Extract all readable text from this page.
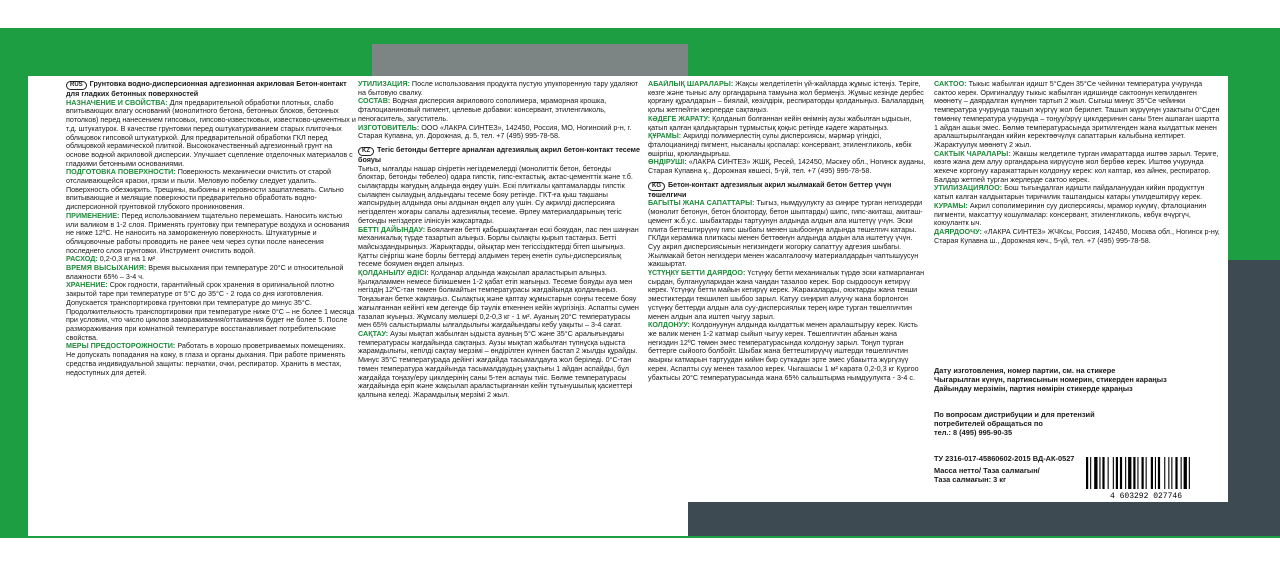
RUS Грунтовка водно-дисперсионная адгезионная акриловая Бетон-контакт для гладких бетонных поверхностей

НАЗНАЧЕНИЕ И СВОЙСТВА: Для предварительной обработки плотных, слабо впитывающих влагу оснований (монолитного бетона, бетонных блоков, бетонных потолков) перед нанесением гипсовых, гипсово-известковых, известково-цементных и т.д. штукатурок. В качестве грунтовки перед оштукатуриванием старых плиточных облицовок гипсовой штукатуркой. Для предварительной обработки ГКЛ перед облицовкой керамической плиткой. Высококачественный адгезионный грунт на основе водной акриловой дисперсии. Улучшает сцепление отделочных материалов с гладкими бетонными основаниями.

ПОДГОТОВКА ПОВЕРХНОСТИ: Поверхность механически очистить от старой отслаивающейся краски, грязи и пыли. Меловую побелку следует удалить. Поверхность обезжирить. Трещины, выбоины и неровности зашпатлевать. Сильно впитывающие и мелящие поверхности предварительно обработать водно-дисперсионной грунтовкой глубокого проникновения.

ПРИМЕНЕНИЕ: Перед использованием тщательно перемешать. Наносить кистью или валиком в 1-2 слоя. Применять грунтовку при температуре воздуха и основания не ниже 12ºС. Не наносить на замороженную поверхность. Штукатурные и облицовочные работы проводить не ранее чем через сутки после нанесения последнего слоя грунтовки. Инструмент очистить водой.

РАСХОД: 0,2-0,3 кг на 1 м²

ВРЕМЯ ВЫСЫХАНИЯ: Время высыхания при температуре 20°С и относительной влажности 65% – 3-4 ч.

ХРАНЕНИЕ: Срок годности, гарантийный срок хранения в оригинальной плотно закрытой таре при температуре от 5°С до 35°С - 2 года со дня изготовления. Допускается транспортировка грунтовки при температуре до минус 35°С. Продолжительность транспортировки при температуре ниже 0°С – не более 1 месяца при условии, что число циклов замораживания/оттаивания будет не более 5. После размораживания при комнатной температуре восстанавливает потребительские свойства.

МЕРЫ ПРЕДОСТОРОЖНОСТИ: Работать в хорошо проветриваемых помещениях. Не допускать попадания на кожу, в глаза и органы дыхания. При работе применять средства индивидуальной защиты: перчатки, очки, респиратор. Хранить в местах, недоступных для детей.

УТИЛИЗАЦИЯ: После использования продукта пустую упукпоренную тару удаляют на бытовую свалку.

СОСТАВ: Водная дисперсия акрилового сополимера, мраморная крошка, фталоцианиновый пигмент, целевые добавки: консервант, этиленгликоль, пеногаситель, загуститель.

ИЗГОТОВИТЕЛЬ: ООО «ЛАКРА СИНТЕЗ», 142450, Россия, МО, Ногинский р-н, г. Старая Купавна, ул. Дорожная, д. 5, тел. +7 (495) 995-78-58.

KZ Тегіс бетонды беттерге арналған адгезиялық акрил бетон-контакт тесеме бояуы

Тығыз, ылғалды нашар сіңіретін негіздемелерді (монолиттік бетон, бетонды блоктар, бетонды төбелео) одара гипстік, гипс-ектастық, актас-цементтік және т.б. сылақтарды жағудың алдында өңдеу үшін. Ескі плиткалы қаптамаларды гипстік сылақпен сылаудың алдындағы тесеме бояу ретінде. ГКТ-ға қыш тақшаны жапсырудың алдында оны алдынан өңдеп алу үшін. Су акрилді дисперсияға негізделген жоғары сапалы адгезиялық тесеме. Әрлеу материалдарының тегіс бетонды негіздерге ілінісуін жақсартады.

БЕТТІ ДАЙЫНДАУ: Бояланған бетті қабыршақтанған ескі бояудан, лас пен шаңнан механикалық түрде тазартып алыңыз. Борлы сылақты қырып тастаңыз. Бетті майсыздандырыңыз. Жарықтарды, ойықтар мен тегіссіздіктерді бітеп шығыңыз. Қатты сіңіргіш және борлы беттерді алдымен терең енетін сулы-дисперсиялық тесеме бояумен өңдеп алыңыз.

ҚОЛДАНЫЛУ ӘДІСІ: Қолданар алдында жақсылап араластырып алыңыз. Қылқаламмен немесе білікшемен 1-2 қабат етіп жағыңыз. Тесеме бояуды ауа мен негіздің 12ºС-тан төмен болмайтын температурасы жағдайында қолданыңыз. Тоңазыған бетке жақпаңыз. Сылақтық және қаптау жұмыстарын соңғы тесеме бояу жағылғаннан кейінгі кем дегенде бір тәулік өткеннен кейін жүргізіңіз. Аспапты сумен тазалап жуыңыз. Жұмсалу мөлшері 0,2-0,3 кг - 1 м². Ауаның 20°С температурасы мен 65% салыстырмалы ылғалдылығы жағдайындағы кебу уақыты – 3-4 сағат.

САҚТАУ: Аузы мықтап жабылған ыдыста ауаның 5°С және 35°С аралығындағы температурасы жағдайында сақтаңыз. Аузы мықтап жабылған түпнұсқа ыдыста жарамдылығы, кепілді сақтау мерзімі – өндірілген күннен бастап 2 жылды құрайды. Минус 35°С температурада дейінгі жағдайда тасымалдауға жол беріледі. 0°С-тан төмен температура жағдайында тасымалдаудың ұзақтығы 1 айдан аспайды, бұл жағдайда тоңазу/еру циклдерінің саны 5-тен аспауы тиіс. Бөлме температурасы жағдайында еріп және жақсылап араластырғаннан кейін тұтынушылық қасиеттері қалпына келеді. Жарамдылық мерзімі 2 жыл.

АБАЙЛЫҚ ШАРАЛАРЫ: Жақсы желдетілетін үй-жайларда жұмыс істеңіз. Теріге, көзге және тыныс алу органдарына тамуына жол бермеңіз. Жұмыс кезінде дербес қорғану құралдарын – биялай, көзілдірік, респираторды қолданыңыз. Балалардың қолы жетпейтін жерлерде сақтаңыз.

КӘДЕГЕ ЖАРАТУ: Қолданып болғаннан кейін өнімнің аузы жабылған ыдысын, қатып қалған қалдықтарын тұрмыстық қоқыс ретінде кәдеге жаратыңыз.

ҚҰРАМЫ: Акрилді полимерлестің сулы дисперсиясы, мәрмәр үгіндісі, фталоцианинді пигмент, нысаналы қоспалар: консервант, этиленгликоль, көбік өшіргіш, қоюландырғыш.

ӨНДІРУШІ: «ЛАКРА СИНТЕЗ» ЖШҚ, Ресей, 142450, Мәскеу обл., Ногинск ауданы, Старая Купавна қ., Дорожная көшесі, 5-үй, тел. +7 (495) 995-78-58.

KG Бетон-контакт адгезиялык акрил жылмакай бетон беттер үчүн төшелгичи

БАГЫТЫ ЖАНА САПАТТАРЫ: Тыгыз, нымдуулукту аз сиңире турган негиздерди (монолит бетонун, бетон блокторду, бетон шыптарды) шипс, гипс-акиташ, акиташ-цемент ж.б.у.с. шыбактарды тартуунун алдында алдын ала иштетүү үчүн. Эски плита беттештирүүнү гипс шыбагы менен шыбоонун алдында төшелгич катары. ГКЛди керамика плиткасы менен беттөөнүн алдында алдын ала иштетүү үчүн. Суу акрил дисперсиясынын негизиндеги жогорку сапаттуу адгезия шыбагы. Жылмакай бетон негиздери менен жасалгалоочу материалдардын чаптышуусун жакшыртат.

ҮСТҮҢКҮ БЕТТИ ДАЯРДОО: Үстүңкү бетти механикалык түрдө эски катмарланган сырдан, булганууларидан жана чаңдан тазалоо керек. Бор сырдоосун кетирүү керек. Үстүңкү бетти майын кетирүү керек. Жаракаларды, оюктарды жана текши эместиктерди текшилеп шыбоо зарыл. Катуу сиңирип алуучу жана борлонгон үстүңкү беттерди алдын ала суу-дисперсиялык терең кире турган төшелгичтин менен алдын ала иштеп чыгуу зарыл.

КОЛДОНУУ: Колдонуунун алдында кылдаттык менен аралаштыруу керек. Кисть же валик менен 1-2 катмар сыйып чыгуу керек. Төшелгичтин абанын жана негиздин 12ºС төмөн эмес температурасында колдонуу зарыл. Тоңуп турган беттерге сыйоого болбойт. Шыбак жана беттештирүүчү иштерди төшелгичтин акыркы катмарын тартуудан кийин бир суткадан эрте эмес убакытта жүргүзүү керек. Аспапты суу менен тазалоо керек. Чыгашасы 1 м² карата 0,2-0,3 кг Кургоо убактысы 20°С температурасында жана 65% салыштырма нымдуулукта - 3-4 с.

САКТОО: Тыкыс жабылган идишт 5°Сден 35°Се чейинки температура учурунда сактоо керек. Оригиналдуу тыкыс жабылган идишинде сактоонун кепилдөнген мөөнөтү – даярдалган күнүнөн тартып 2 жыл. Сыгыш минус 35°Се чейинки температура учурунда ташып жүргүү жол берилет. Ташып жүрүүнүн узактыгы 0°Сден төмөнкү температура учурунда – тоңуу/эрүү циклдеринин саны 5тен ашпаган шартта 1 айдан ашык эмес. Бөлмө температурасында эритилгенден жана кылдаттык менен аралаштырылгандан кийин керектөөчүлүк сапаттарын калыбына келтирет. Жарактуулук мөөнөтү 2 жыл.

САКТЫК ЧАРАЛАРЫ: Жакшы желдетиле турган имараттарда иштөө зарыл. Териге, көзгө жана дем алуу органдарына кирүүсүнө жол бербөө керек. Иштөө учурунда жекече коргонуу каражаттарын колдонуу керек: кол каптар, көз айнек, респиратор. Балдар жетпей турган жерлерде сактоо керек.

УТИЛИЗАЦИЯЛОО: Бош тыгындалган идишти пайдалануудан кийин продукттун катып калган калдыктарын тиричилик таштандысы катары утилдештирүү керек.

КУРАМЫ: Акрил сополимеринин суу дисперсиясы, мрамор күкүмү, фталоцианин пигменти, максаттуу кошулмалар: консервант, этиленгликоль, көбүк өчүргүч, коюулантк ыч.

ДАЯРДООЧУ: «ЛАКРА СИНТЕЗ» ЖЧКсы, Россия, 142450, Москва обл., Ногинск р-ну, Старая Купавна ш., Дорожная көч., 5-үй, тел. +7 (495) 995-78-58.

Дату изготовления, номер партии, см. на стикере
Чыгарылган күнүн, партиясынын номерин, стикерден караңыз
Дайындау мерзімін, партия нөмірін стикерде қараңыз
По вопросам дистрибуции и для претензий потребителей обращаться по
тел.: 8 (495) 995-90-35
ТУ 2316-017-45860602-2015 ВД-АК-0527
Масса нетто/ Таза салмагын/
Таза салмағын: 3 кг
4 603292 027746
